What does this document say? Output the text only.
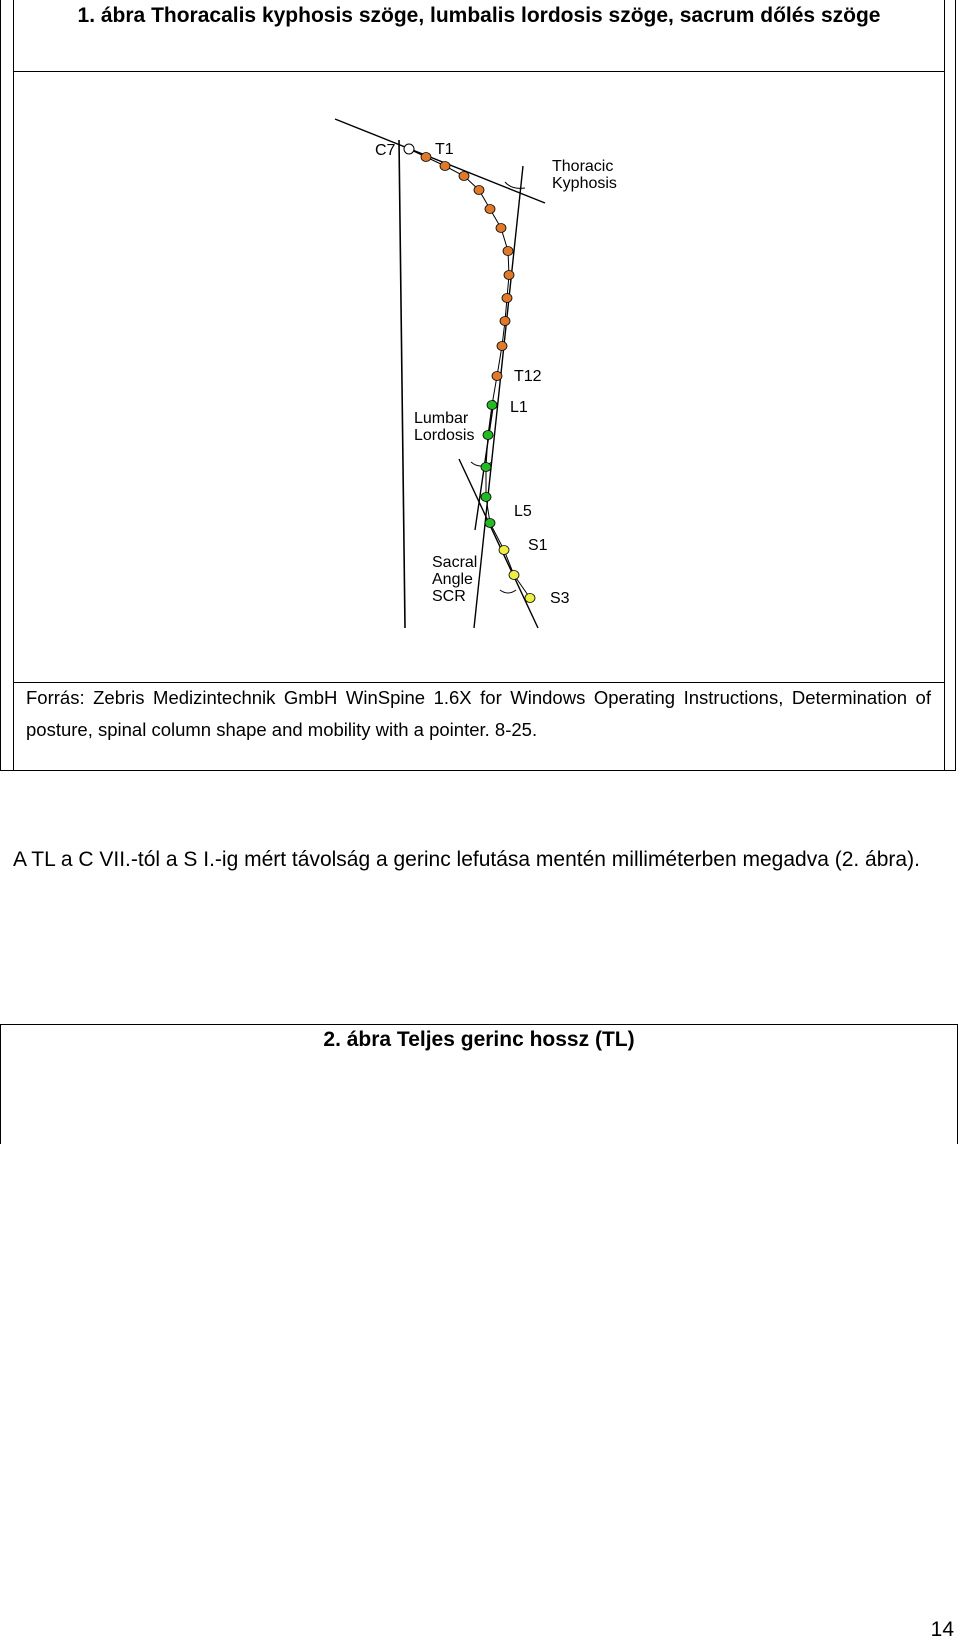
1. ábra Thoracalis kyphosis szöge, lumbalis lordosis szöge, sacrum dőlés szöge
C7 T1
Thoracic
Kyphosis
T12
L1
Lumbar
Lordosis
L5
S1
Sacral
Angle
SCR	S3
Forrás: Zebris Medizintechnik GmbH WinSpine 1.6X for Windows Operating Instructions, Determination of posture, spinal column shape and mobility with a pointer. 8-25.
A TL a C VII.-tól a S I.-ig mért távolság a gerinc lefutása mentén milliméterben megadva (2. ábra).
2. ábra Teljes gerinc hossz (TL)
14
